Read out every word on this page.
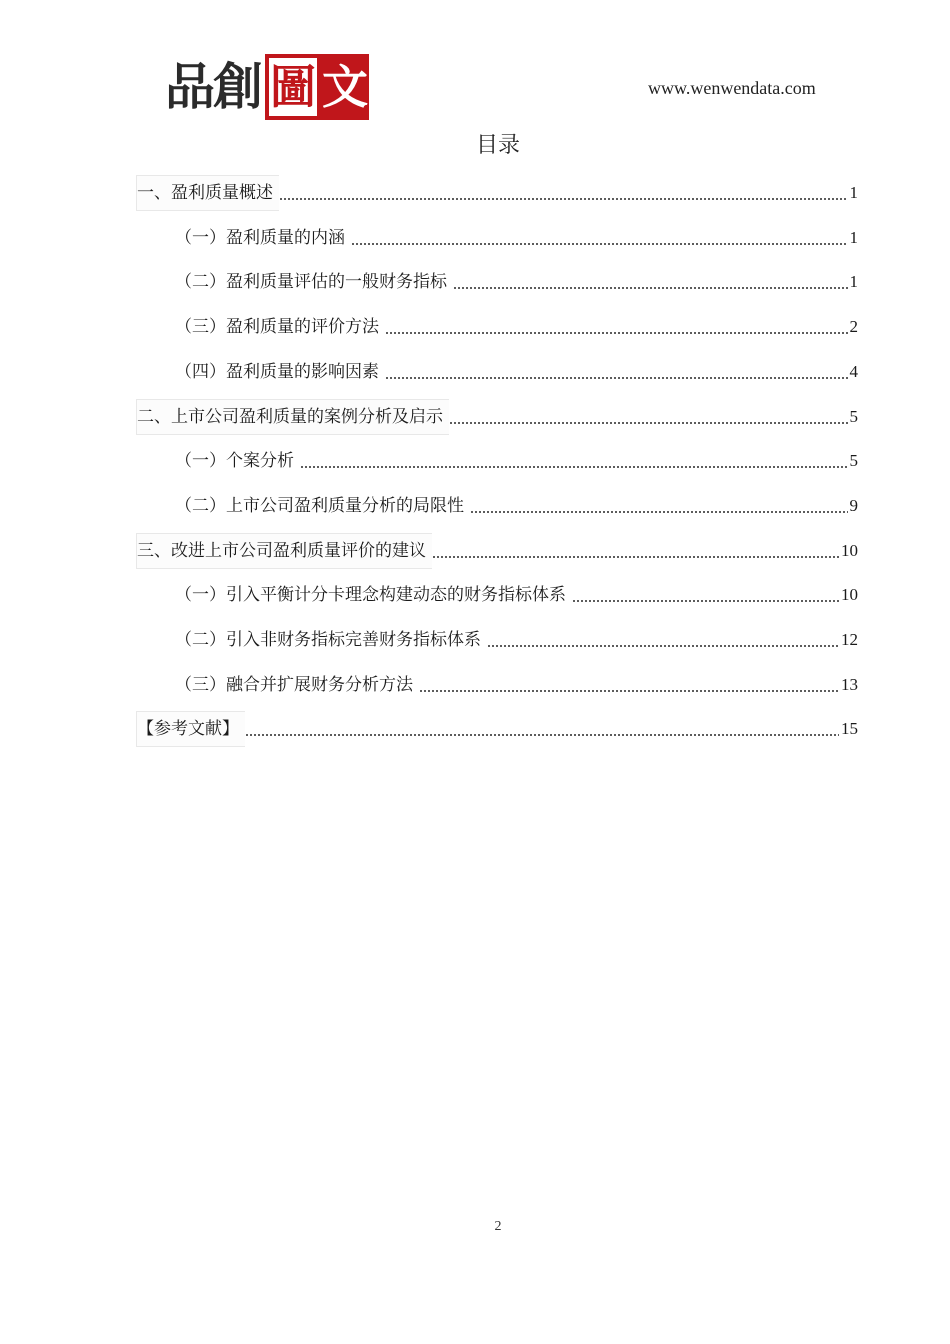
品創 圖 文	www.wenwendata.com
目录
一、盈利质量概述	1
（一）盈利质量的内涵	1
（二）盈利质量评估的一般财务指标	1
（三）盈利质量的评价方法	2
（四）盈利质量的影响因素	4
二、上市公司盈利质量的案例分析及启示	5
（一）个案分析	5
（二）上市公司盈利质量分析的局限性	9
三、改进上市公司盈利质量评价的建议	10
（一）引入平衡计分卡理念构建动态的财务指标体系	10
（二）引入非财务指标完善财务指标体系	12
（三）融合并扩展财务分析方法	13
【参考文献】	15
2
